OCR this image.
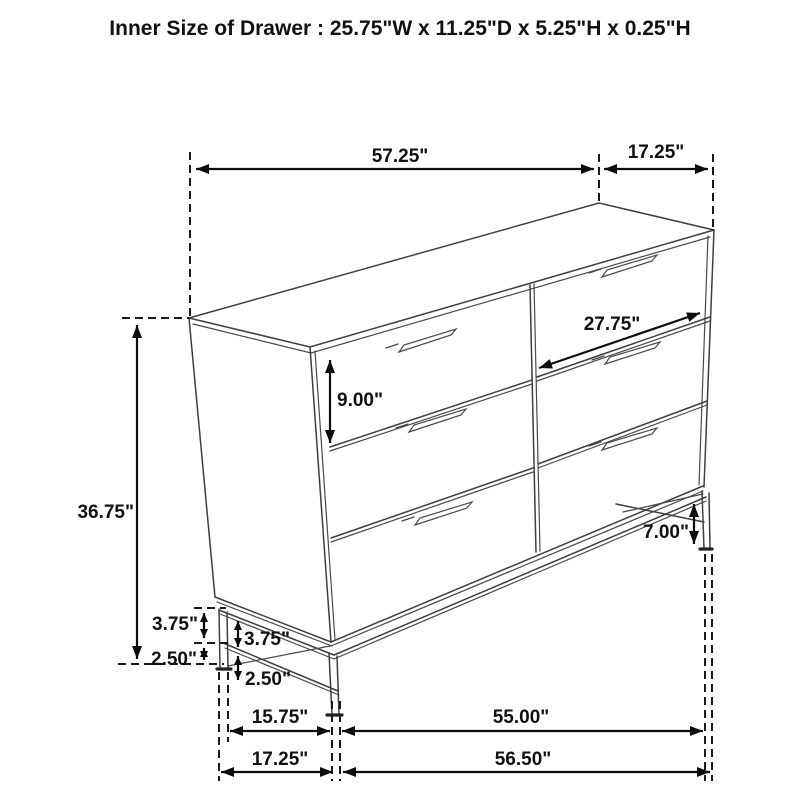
Inner Size of Drawer : 25.75"W x 11.25"D x 5.25"H x 0.25"H
57.25"	17.25"
27.75"
9.00"
36.75"
3.75"
2.50"
3.75"
2.50"
7.00"
15.75"	55.00"
17.25"	56.50"
